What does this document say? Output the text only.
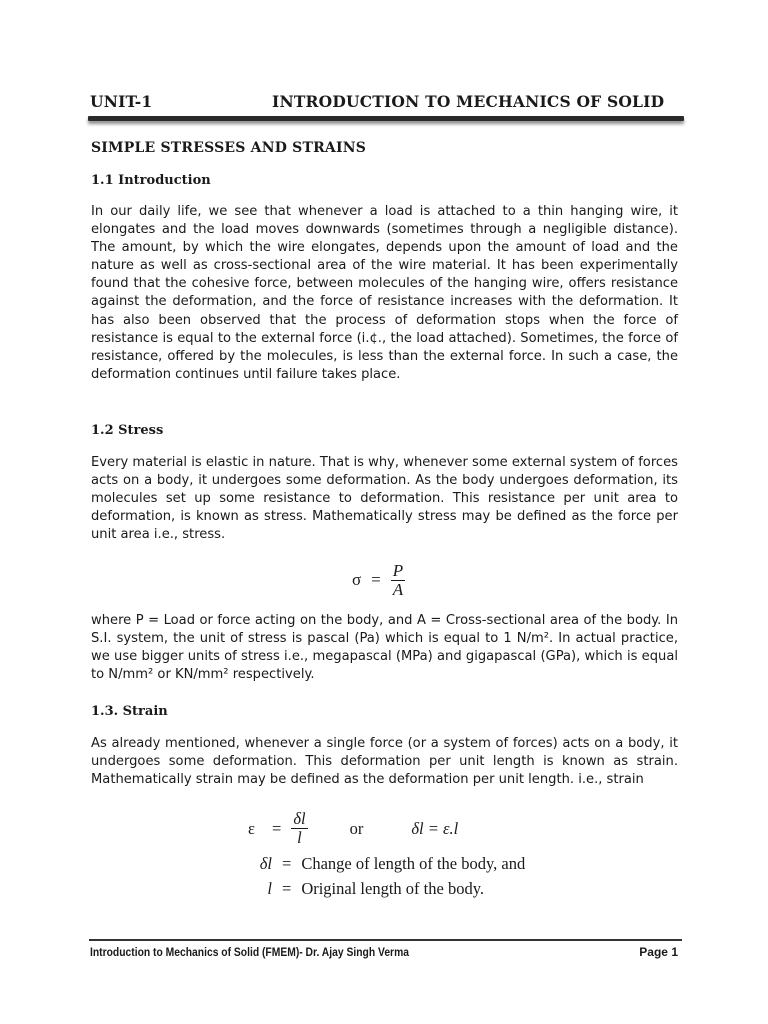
UNIT-1	INTRODUCTION TO MECHANICS OF SOLID
SIMPLE STRESSES AND STRAINS
1.1 Introduction

In our daily life, we see that whenever a load is attached to a thin hanging wire, it elongates and the load moves downwards (sometimes through a negligible distance). The amount, by which the wire elongates, depends upon the amount of load and the nature as well as cross-sectional area of the wire material. It has been experimentally found that the cohesive force, between molecules of the hanging wire, offers resistance against the deformation, and the force of resistance increases with the deformation. It has also been observed that the process of deformation stops when the force of resistance is equal to the external force (i.¢., the load attached). Sometimes, the force of resistance, offered by the molecules, is less than the external force. In such a case, the deformation continues until failure takes place.

1.2 Stress

Every material is elastic in nature. That is why, whenever some external system of forces acts on a body, it undergoes some deformation. As the body undergoes deformation, its molecules set up some resistance to deformation. This resistance per unit area to deformation, is known as stress. Mathematically stress may be defined as the force per unit area i.e., stress.

$\sigma = \frac{P}{A}$

where P = Load or force acting on the body, and A = Cross-sectional area of the body. In S.I. system, the unit of stress is pascal (Pa) which is equal to 1 N/m². In actual practice, we use bigger units of stress i.e., megapascal (MPa) and gigapascal (GPa), which is equal to N/mm² or KN/mm² respectively.

1.3. Strain

As already mentioned, whenever a single force (or a system of forces) acts on a body, it undergoes some deformation. This deformation per unit length is known as strain. Mathematically strain may be defined as the deformation per unit length. i.e., strain

ε	= $\frac{\delta l}{l}$	or	δl = ε.l
δl = Change of length of the body, and
l = Original length of the body.
Introduction to Mechanics of Solid (FMEM)- Dr. Ajay Singh Verma	Page 1
